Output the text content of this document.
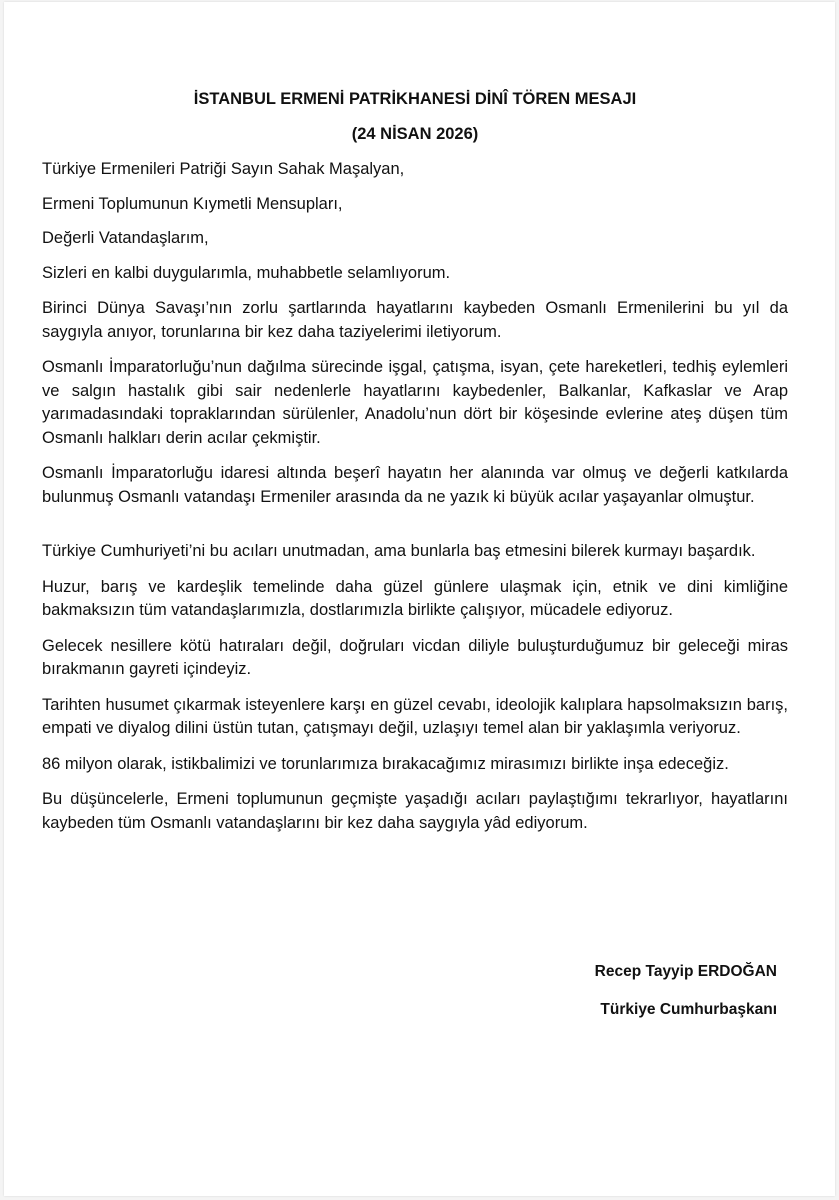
İSTANBUL ERMENİ PATRİKHANESİ DİNÎ TÖREN MESAJI
(24 NİSAN 2026)

Türkiye Ermenileri Patriği Sayın Sahak Maşalyan,

Ermeni Toplumunun Kıymetli Mensupları,

Değerli Vatandaşlarım,

Sizleri en kalbi duygularımla, muhabbetle selamlıyorum.

Birinci Dünya Savaşı’nın zorlu şartlarında hayatlarını kaybeden Osmanlı Ermenilerini bu yıl da saygıyla anıyor, torunlarına bir kez daha taziyelerimi iletiyorum.

Osmanlı İmparatorluğu’nun dağılma sürecinde işgal, çatışma, isyan, çete hareketleri, tedhiş eylemleri ve salgın hastalık gibi sair nedenlerle hayatlarını kaybedenler, Balkanlar, Kafkaslar ve Arap yarımadasındaki topraklarından sürülenler, Anadolu’nun dört bir köşesinde evlerine ateş düşen tüm Osmanlı halkları derin acılar çekmiştir.

Osmanlı İmparatorluğu idaresi altında beşerî hayatın her alanında var olmuş ve değerli katkılarda bulunmuş Osmanlı vatandaşı Ermeniler arasında da ne yazık ki büyük acılar yaşayanlar olmuştur.

Türkiye Cumhuriyeti’ni bu acıları unutmadan, ama bunlarla baş etmesini bilerek kurmayı başardık.

Huzur, barış ve kardeşlik temelinde daha güzel günlere ulaşmak için, etnik ve dini kimliğine bakmaksızın tüm vatandaşlarımızla, dostlarımızla birlikte çalışıyor, mücadele ediyoruz.

Gelecek nesillere kötü hatıraları değil, doğruları vicdan diliyle buluşturduğumuz bir geleceği miras bırakmanın gayreti içindeyiz.

Tarihten husumet çıkarmak isteyenlere karşı en güzel cevabı, ideolojik kalıplara hapsolmaksızın barış, empati ve diyalog dilini üstün tutan, çatışmayı değil, uzlaşıyı temel alan bir yaklaşımla veriyoruz.

86 milyon olarak, istikbalimizi ve torunlarımıza bırakacağımız mirasımızı birlikte inşa edeceğiz.

Bu düşüncelerle, Ermeni toplumunun geçmişte yaşadığı acıları paylaştığımı tekrarlıyor, hayatlarını kaybeden tüm Osmanlı vatandaşlarını bir kez daha saygıyla yâd ediyorum.

Recep Tayyip ERDOĞAN

Türkiye Cumhurbaşkanı
